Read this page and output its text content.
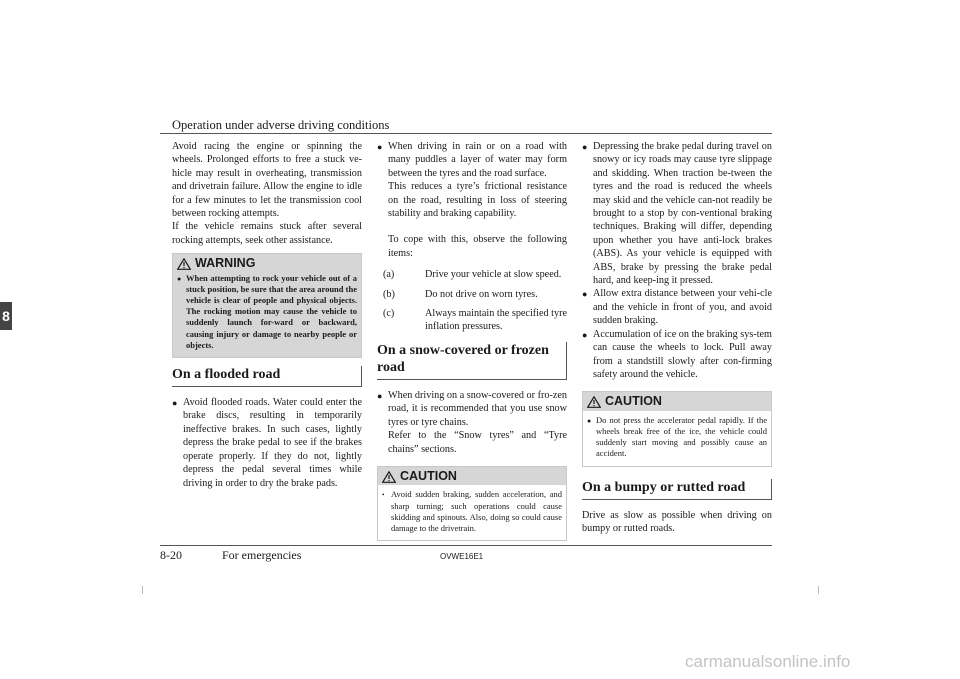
Operation under adverse driving conditions
8

Avoid racing the engine or spinning the wheels. Prolonged efforts to free a stuck ve-hicle may result in overheating, transmission and drivetrain failure. Allow the engine to idle for a few minutes to let the transmission cool between rocking attempts.

If the vehicle remains stuck after several rocking attempts, seek other assistance.

WARNING
● When attempting to rock your vehicle out of a stuck position, be sure that the area around the vehicle is clear of people and physical objects. The rocking motion may cause the vehicle to suddenly launch for-ward or backward, causing injury or damage to nearby people or objects.
On a flooded road
● Avoid flooded roads. Water could enter the brake discs, resulting in temporarily ineffective brakes. In such cases, lightly depress the brake pedal to see if the brakes operate properly. If they do not, lightly depress the pedal several times while driving in order to dry the brake pads.
● When driving in rain or on a road with many puddles a layer of water may form between the tyres and the road surface.
This reduces a tyre’s frictional resistance on the road, resulting in loss of steering stability and braking capability.
To cope with this, observe the following items:
(a)	Drive your vehicle at slow speed.
(b)	Do not drive on worn tyres.
(c)	Always maintain the specified tyre inflation pressures.
On a snow-covered or frozen road
● When driving on a snow-covered or fro-zen road, it is recommended that you use snow tyres or tyre chains.
Refer to the “Snow tyres” and “Tyre chains” sections.
CAUTION
• Avoid sudden braking, sudden acceleration, and sharp turning; such operations could cause skidding and spinouts. Also, doing so could cause damage to the drivetrain.
● Depressing the brake pedal during travel on snowy or icy roads may cause tyre slippage and skidding. When traction be-tween the tyres and the road is reduced the wheels may skid and the vehicle can-not readily be brought to a stop by con-ventional braking techniques. Braking will differ, depending upon whether you have anti-lock brakes (ABS). As your vehicle is equipped with ABS, brake by pressing the brake pedal hard, and keep-ing it pressed.
● Allow extra distance between your vehi-cle and the vehicle in front of you, and avoid sudden braking.
● Accumulation of ice on the braking sys-tem can cause the wheels to lock. Pull away from a standstill slowly after con-firming safety around the vehicle.
CAUTION
● Do not press the accelerator pedal rapidly. If the wheels break free of the ice, the vehicle could suddenly start moving and possibly cause an accident.
On a bumpy or rutted road

Drive as slow as possible when driving on bumpy or rutted roads.

8-20	For emergencies	OVWE16E1
carmanualsonline.info
